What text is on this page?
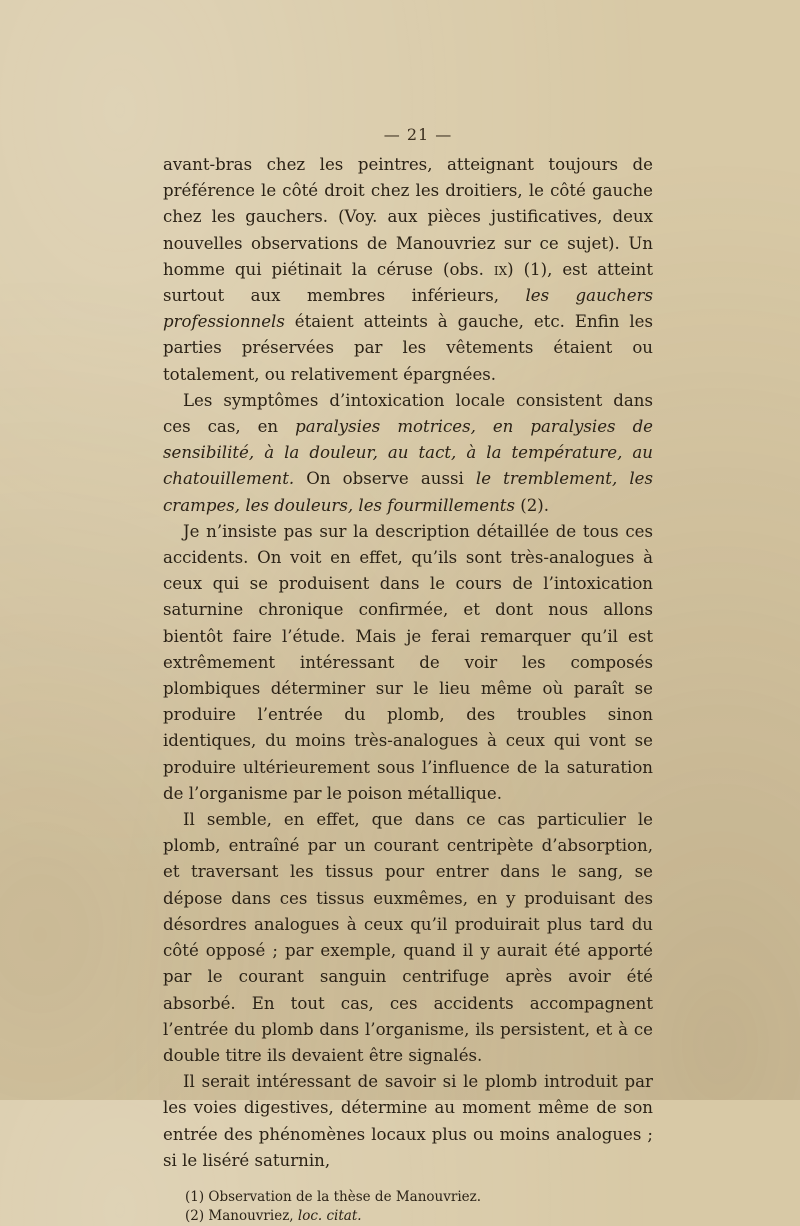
— 21 —

avant-bras chez les peintres, atteignant toujours de préférence le côté droit chez les droitiers, le côté gauche chez les gauchers. (Voy. aux pièces justificatives, deux nouvelles observations de Manouvriez sur ce sujet). Un homme qui piétinait la céruse (obs. ix) (1), est atteint surtout aux membres inférieurs, les gauchers professionnels étaient atteints à gauche, etc. Enfin les parties préservées par les vêtements étaient ou totalement, ou relativement épargnées.

Les symptômes d’intoxication locale consistent dans ces cas, en paralysies motrices, en paralysies de sensibilité, à la douleur, au tact, à la température, au chatouillement. On observe aussi le tremblement, les crampes, les douleurs, les fourmillements (2).

Je n’insiste pas sur la description détaillée de tous ces accidents. On voit en effet, qu’ils sont très-analogues à ceux qui se produisent dans le cours de l’intoxication saturnine chronique confirmée, et dont nous allons bientôt faire l’étude. Mais je ferai remarquer qu’il est extrêmement intéressant de voir les composés plombiques déterminer sur le lieu même où paraît se produire l’entrée du plomb, des troubles sinon identiques, du moins très-analogues à ceux qui vont se produire ultérieurement sous l’influence de la saturation de l’organisme par le poison métallique.

Il semble, en effet, que dans ce cas particulier le plomb, entraîné par un courant centripète d’absorption, et traversant les tissus pour entrer dans le sang, se dépose dans ces tissus euxmêmes, en y produisant des désordres analogues à ceux qu’il produirait plus tard du côté opposé ; par exemple, quand il y aurait été apporté par le courant sanguin centrifuge après avoir été absorbé. En tout cas, ces accidents accompagnent l’entrée du plomb dans l’organisme, ils persistent, et à ce double titre ils devaient être signalés.

Il serait intéressant de savoir si le plomb introduit par les voies digestives, détermine au moment même de son entrée des phénomènes locaux plus ou moins analogues ; si le liséré saturnin,

(1) Observation de la thèse de Manouvriez.
(2) Manouvriez, loc. citat.
